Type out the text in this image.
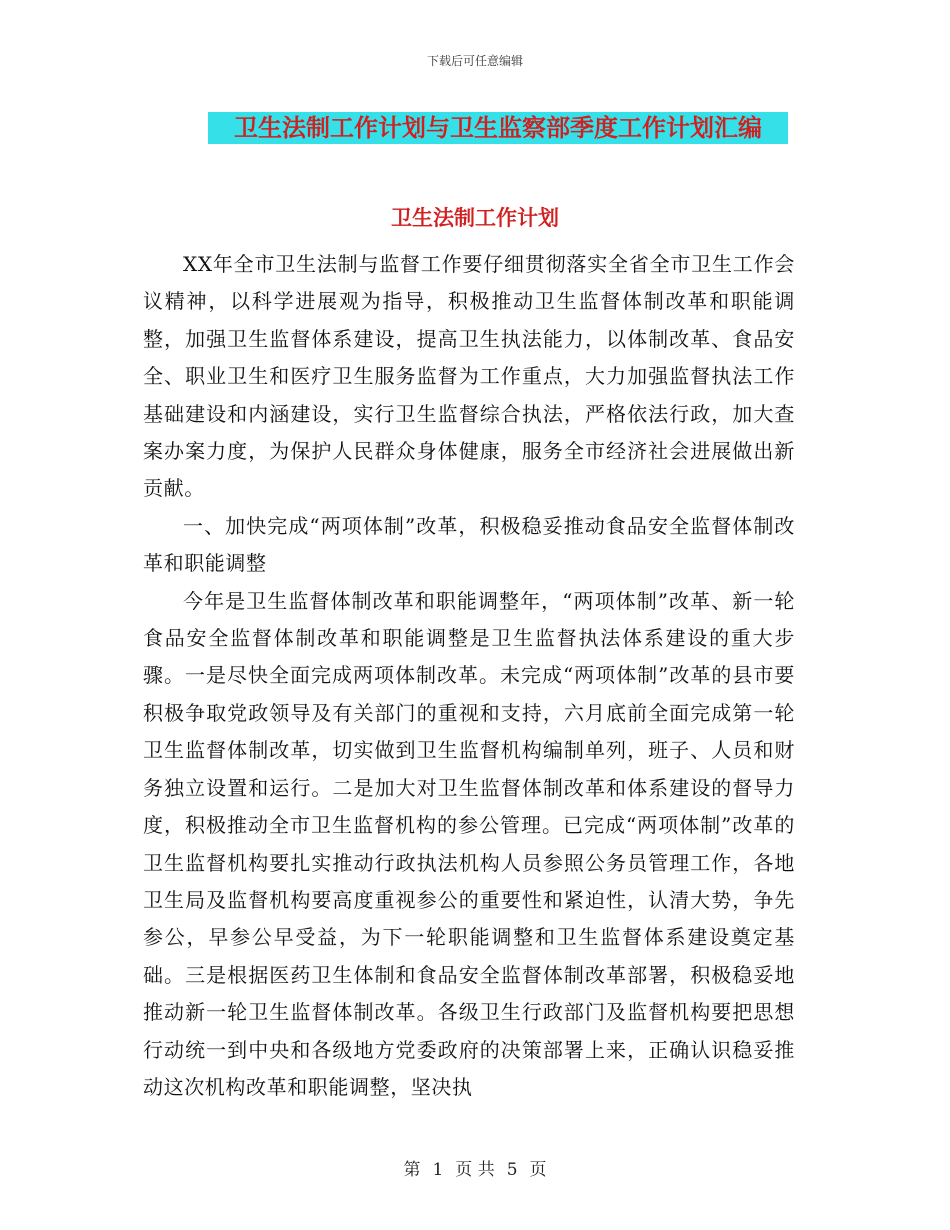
下载后可任意编辑
卫生法制工作计划与卫生监察部季度工作计划汇编
卫生法制工作计划

XX年全市卫生法制与监督工作要仔细贯彻落实全省全市卫生工作会议精神，以科学进展观为指导，积极推动卫生监督体制改革和职能调整，加强卫生监督体系建设，提高卫生执法能力，以体制改革、食品安全、职业卫生和医疗卫生服务监督为工作重点，大力加强监督执法工作基础建设和内涵建设，实行卫生监督综合执法，严格依法行政，加大查案办案力度，为保护人民群众身体健康，服务全市经济社会进展做出新贡献。

一、加快完成“两项体制”改革，积极稳妥推动食品安全监督体制改革和职能调整

今年是卫生监督体制改革和职能调整年，“两项体制”改革、新一轮食品安全监督体制改革和职能调整是卫生监督执法体系建设的重大步骤。一是尽快全面完成两项体制改革。未完成“两项体制”改革的县市要积极争取党政领导及有关部门的重视和支持，六月底前全面完成第一轮卫生监督体制改革，切实做到卫生监督机构编制单列，班子、人员和财务独立设置和运行。二是加大对卫生监督体制改革和体系建设的督导力度，积极推动全市卫生监督机构的参公管理。已完成“两项体制”改革的卫生监督机构要扎实推动行政执法机构人员参照公务员管理工作，各地卫生局及监督机构要高度重视参公的重要性和紧迫性，认清大势，争先参公，早参公早受益，为下一轮职能调整和卫生监督体系建设奠定基础。三是根据医药卫生体制和食品安全监督体制改革部署，积极稳妥地推动新一轮卫生监督体制改革。各级卫生行政部门及监督机构要把思想行动统一到中央和各级地方党委政府的决策部署上来，正确认识稳妥推动这次机构改革和职能调整，坚决执

第 1 页 共 5 页
